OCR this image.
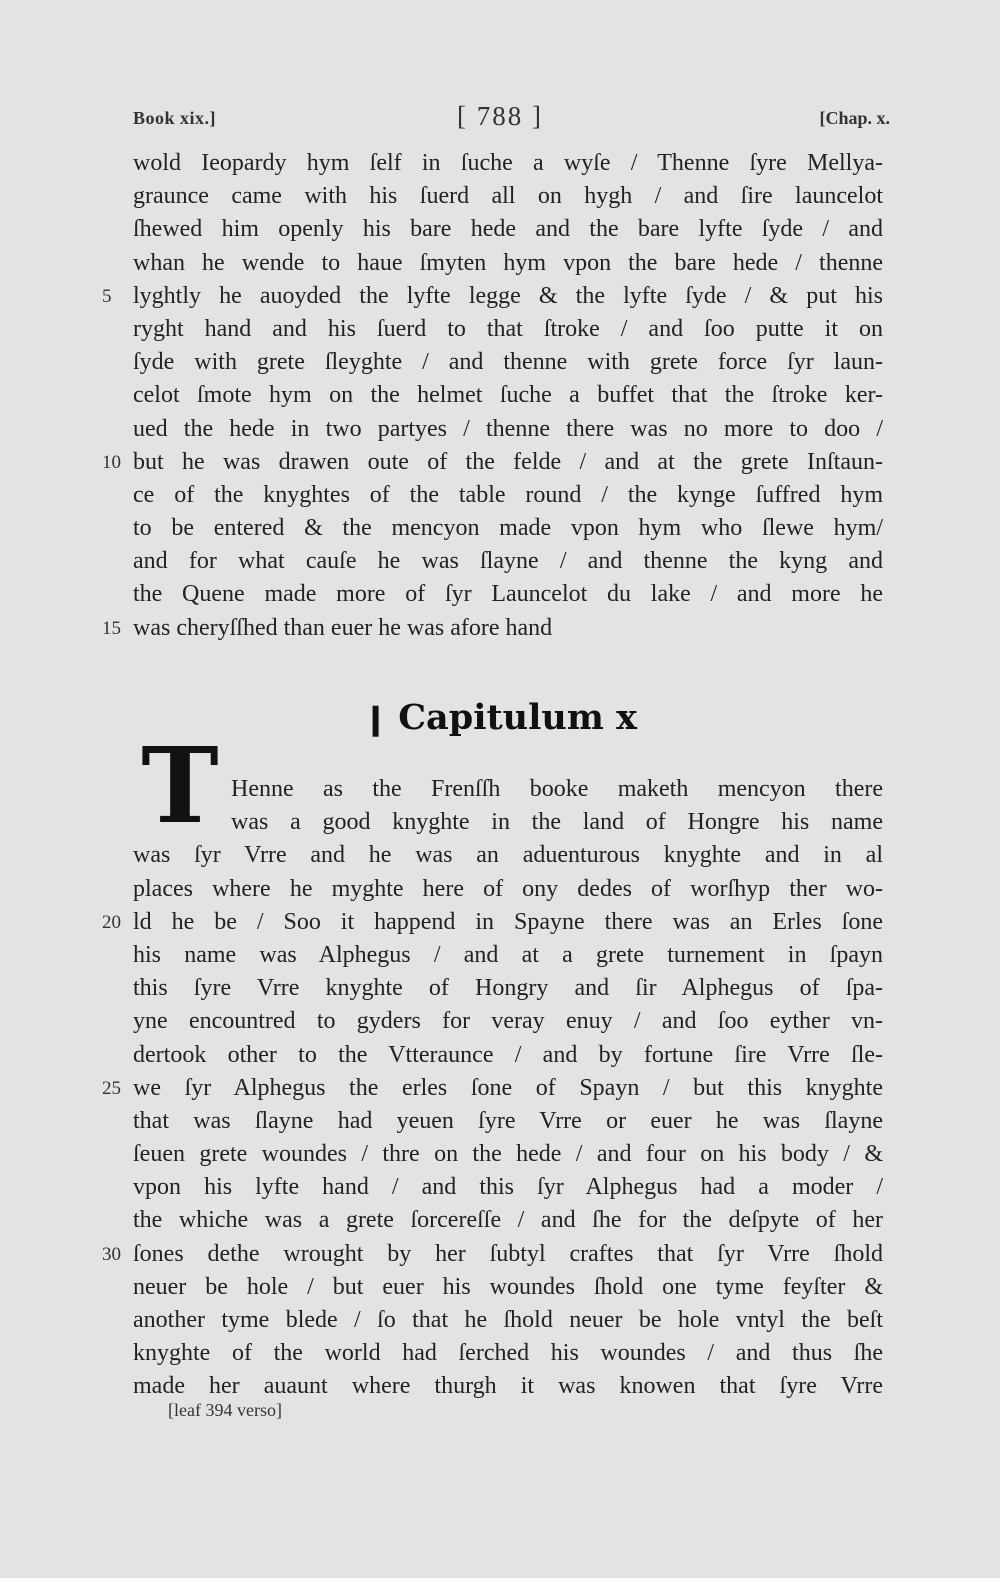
Book xix.]	[ 788 ]	[Chap. x.
wold Ieopardy hym ſelf in ſuche a wyſe / Thenne ſyre Mellya-
graunce came with his ſuerd all on hygh / and ſire launcelot
ſhewed him openly his bare hede and the bare lyfte ſyde / and
whan he wende to haue ſmyten hym vpon the bare hede / thenne
5 lyghtly he auoyded the lyfte legge & the lyfte ſyde / & put his
ryght hand and his ſuerd to that ſtroke / and ſoo putte it on
ſyde with grete ſleyghte / and thenne with grete force ſyr laun-
celot ſmote hym on the helmet ſuche a buffet that the ſtroke ker-
ued the hede in two partyes / thenne there was no more to doo /
10 but he was drawen oute of the felde / and at the grete Inſtaun-
ce of the knyghtes of the table round / the kynge ſuffred hym
to be entered & the mencyon made vpon hym who ſlewe hym/
and for what cauſe he was ſlayne / and thenne the kyng and
the Quene made more of ſyr Launcelot du lake / and more he
15 was cheryſſhed than euer he was afore hand
❙ Capitulum x
T Henne as the Frenſſh booke maketh mencyon there
was a good knyghte in the land of Hongre his name
was ſyr Vrre and he was an aduenturous knyghte and in al
places where he myghte here of ony dedes of worſhyp ther wo-
20 ld he be / Soo it happend in Spayne there was an Erles ſone
his name was Alphegus / and at a grete turnement in ſpayn
this ſyre Vrre knyghte of Hongry and ſir Alphegus of ſpa-
yne encountred to gyders for veray enuy / and ſoo eyther vn-
dertook other to the Vtteraunce / and by fortune ſire Vrre ſle-
25 we ſyr Alphegus the erles ſone of Spayn / but this knyghte
that was ſlayne had yeuen ſyre Vrre or euer he was ſlayne
ſeuen grete woundes / thre on the hede / and four on his body / &
vpon his lyfte hand / and this ſyr Alphegus had a moder /
the whiche was a grete ſorcereſſe / and ſhe for the deſpyte of her
30 ſones dethe wrought by her ſubtyl craftes that ſyr Vrre ſhold
neuer be hole / but euer his woundes ſhold one tyme feyſter &
another tyme blede / ſo that he ſhold neuer be hole vntyl the beſt
knyghte of the world had ſerched his woundes / and thus ſhe
made her auaunt where thurgh it was knowen that ſyre Vrre
[leaf 394 verso]
